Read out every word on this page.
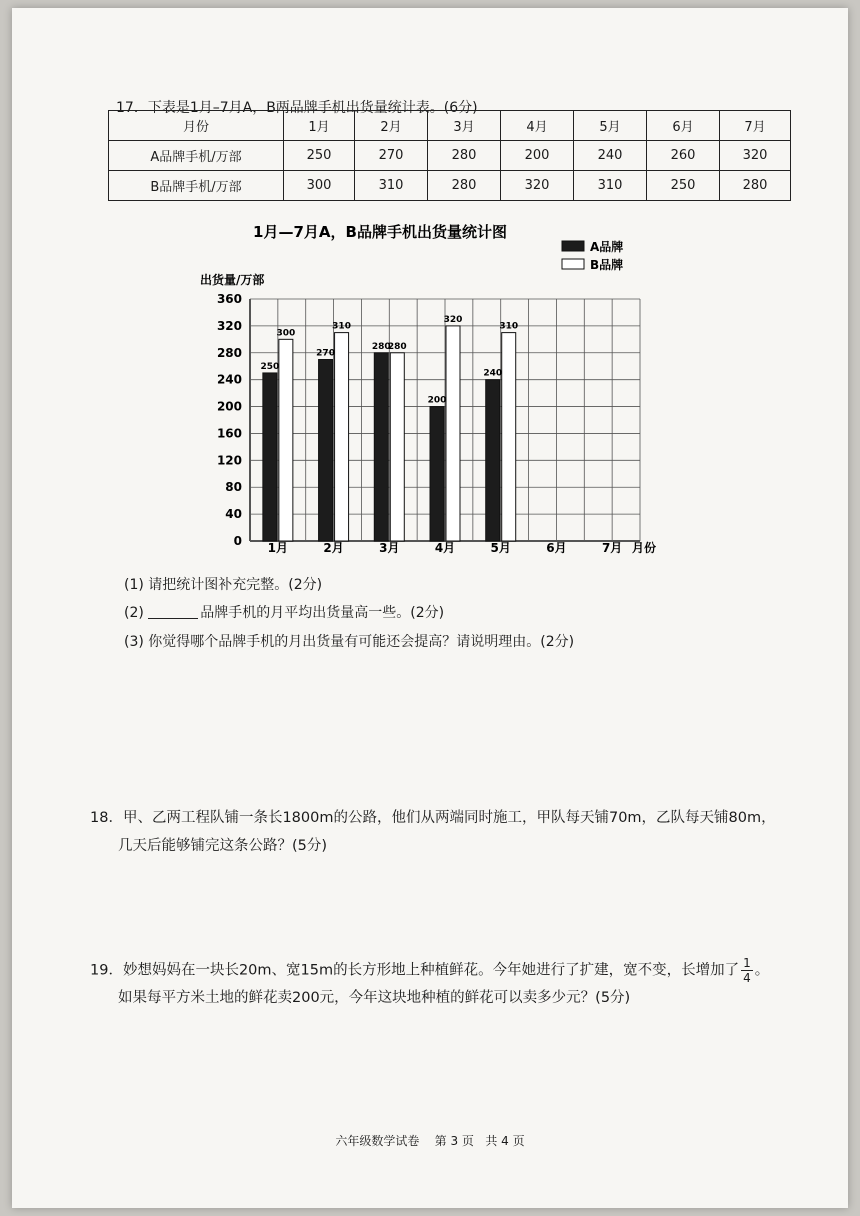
17．下表是1月–7月A，B两品牌手机出货量统计表。(6分)
月份	1月	2月	3月	4月	5月	6月	7月
A品牌手机/万部	250	270	280	200	240	260	320
B品牌手机/万部	300	310	280	320	310	250	280
1月—7月A，B品牌手机出货量统计图
A品牌
B品牌
出货量/万部
0
40
80
120
160
200
240
280
320
360
250
300
270
310
280
280
200
320
240
310
1月	2月	3月	4月	5月	6月	7月 月份
(1) 请把统计图补充完整。(2分)
(2)	品牌手机的月平均出货量高一些。(2分)
(3) 你觉得哪个品牌手机的月出货量有可能还会提高？请说明理由。(2分)
18．甲、乙两工程队铺一条长1800m的公路，他们从两端同时施工，甲队每天铺70m，乙队每天铺80m，
几天后能够铺完这条公路？(5分)
19．妙想妈妈在一块长20m、宽15m的长方形地上种植鲜花。今年她进行了扩建，宽不变，长增加了 $\frac{1}{4}$ 。
如果每平方米土地的鲜花卖200元，今年这块地种植的鲜花可以卖多少元？(5分)
六年级数学试卷 第 3 页 共 4 页
